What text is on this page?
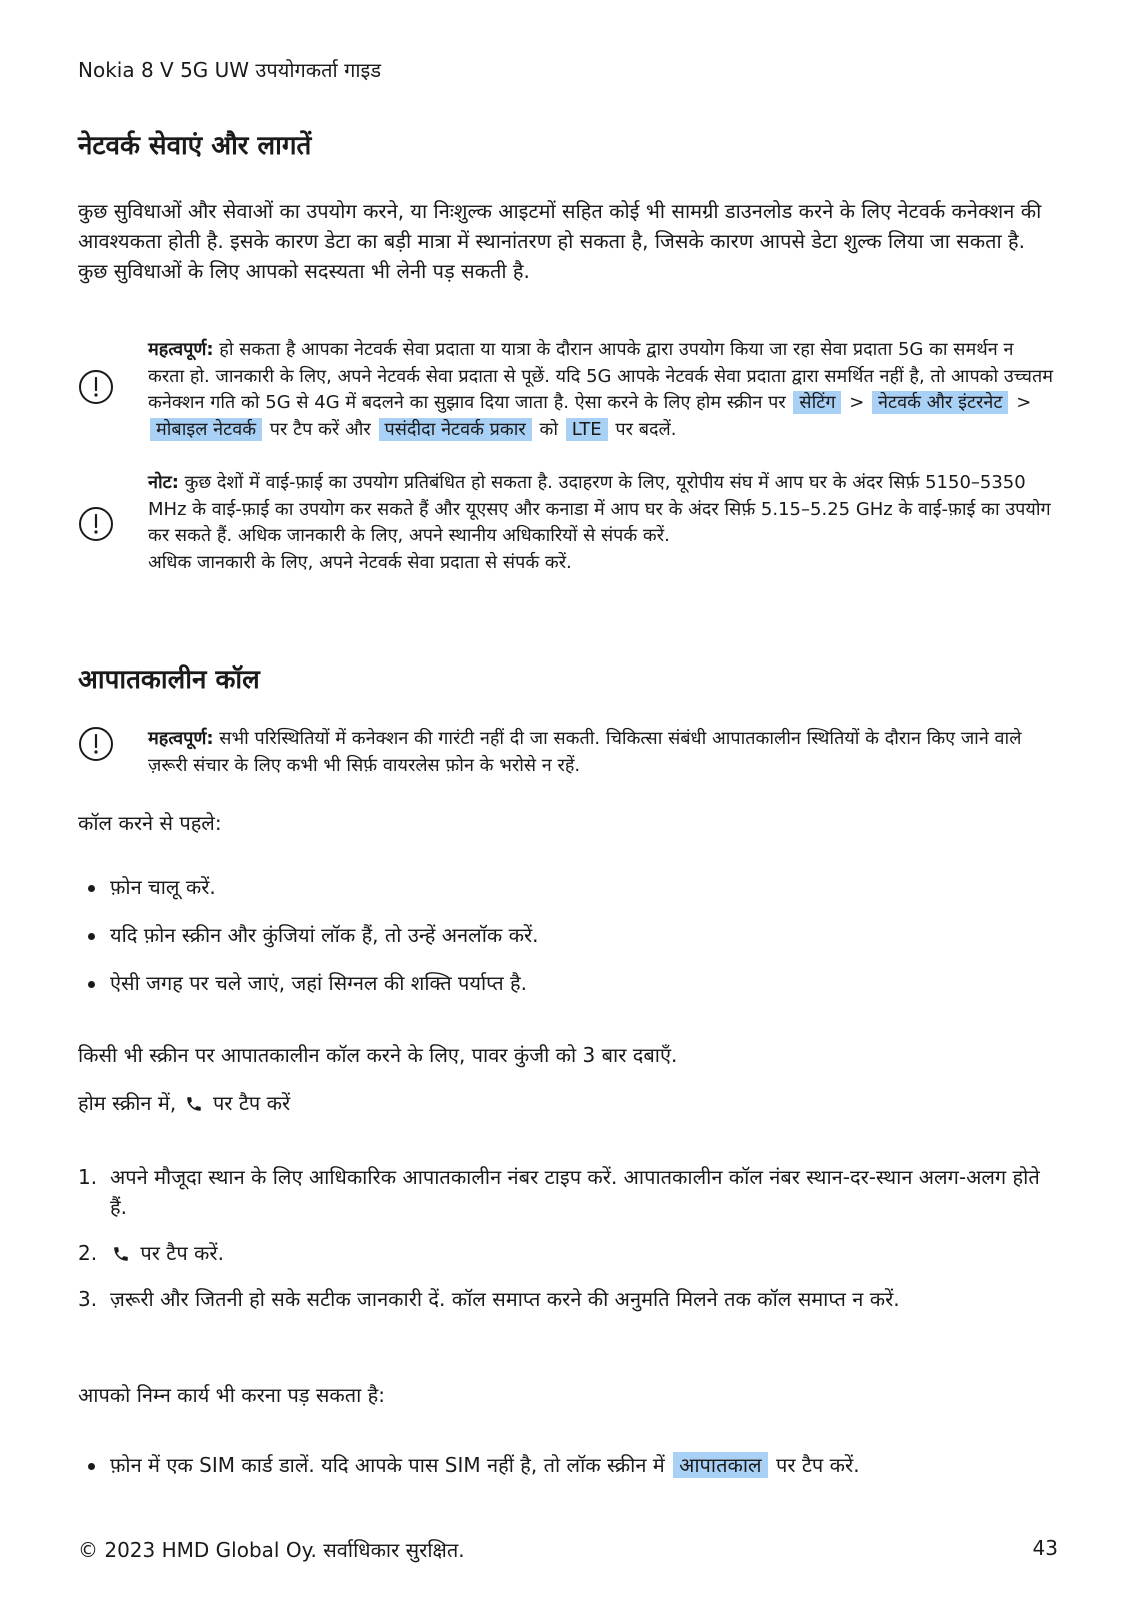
Nokia 8 V 5G UW उपयोगकर्ता गाइड
नेटवर्क सेवाएं और लागतें

कुछ सुविधाओं और सेवाओं का उपयोग करने, या निःशुल्क आइटमों सहित कोई भी सामग्री डाउनलोड करने के लिए नेटवर्क कनेक्शन की आवश्यकता होती है. इसके कारण डेटा का बड़ी मात्रा में स्थानांतरण हो सकता है, जिसके कारण आपसे डेटा शुल्क लिया जा सकता है. कुछ सुविधाओं के लिए आपको सदस्यता भी लेनी पड़ सकती है.

महत्वपूर्ण: हो सकता है आपका नेटवर्क सेवा प्रदाता या यात्रा के दौरान आपके द्वारा उपयोग किया जा रहा सेवा प्रदाता 5G का समर्थन न करता हो. जानकारी के लिए, अपने नेटवर्क सेवा प्रदाता से पूछें. यदि 5G आपके नेटवर्क सेवा प्रदाता द्वारा समर्थित नहीं है, तो आपको उच्चतम कनेक्शन गति को 5G से 4G में बदलने का सुझाव दिया जाता है. ऐसा करने के लिए होम स्क्रीन पर सेटिंग > नेटवर्क और इंटरनेट > मोबाइल नेटवर्क पर टैप करें और पसंदीदा नेटवर्क प्रकार को LTE पर बदलें.

नोट: कुछ देशों में वाई-फ़ाई का उपयोग प्रतिबंधित हो सकता है. उदाहरण के लिए, यूरोपीय संघ में आप घर के अंदर सिर्फ़ 5150–5350 MHz के वाई-फ़ाई का उपयोग कर सकते हैं और यूएसए और कनाडा में आप घर के अंदर सिर्फ़ 5.15–5.25 GHz के वाई-फ़ाई का उपयोग कर सकते हैं. अधिक जानकारी के लिए, अपने स्थानीय अधिकारियों से संपर्क करें.
अधिक जानकारी के लिए, अपने नेटवर्क सेवा प्रदाता से संपर्क करें.

आपातकालीन कॉल

महत्वपूर्ण: सभी परिस्थितियों में कनेक्शन की गारंटी नहीं दी जा सकती. चिकित्सा संबंधी आपातकालीन स्थितियों के दौरान किए जाने वाले ज़रूरी संचार के लिए कभी भी सिर्फ़ वायरलेस फ़ोन के भरोसे न रहें.

कॉल करने से पहले:

फ़ोन चालू करें.
यदि फ़ोन स्क्रीन और कुंजियां लॉक हैं, तो उन्हें अनलॉक करें.
ऐसी जगह पर चले जाएं, जहां सिग्नल की शक्ति पर्याप्त है.

किसी भी स्क्रीन पर आपातकालीन कॉल करने के लिए, पावर कुंजी को 3 बार दबाएँ.

होम स्क्रीन में, पर टैप करें

1. अपने मौजूदा स्थान के लिए आधिकारिक आपातकालीन नंबर टाइप करें. आपातकालीन कॉल नंबर स्थान-दर-स्थान अलग-अलग होते हैं.
2. पर टैप करें.
3. ज़रूरी और जितनी हो सके सटीक जानकारी दें. कॉल समाप्त करने की अनुमति मिलने तक कॉल समाप्त न करें.

आपको निम्न कार्य भी करना पड़ सकता है:

फ़ोन में एक SIM कार्ड डालें. यदि आपके पास SIM नहीं है, तो लॉक स्क्रीन में आपातकाल पर टैप करें.
© 2023 HMD Global Oy. सर्वाधिकार सुरक्षित.	43
